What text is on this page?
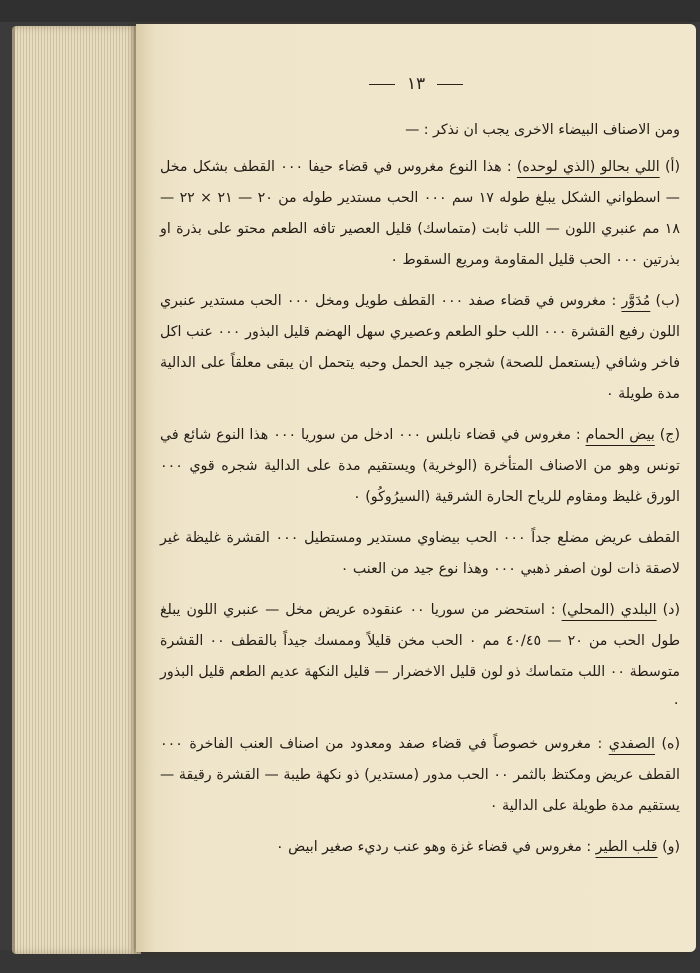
١٣

ومن الاصناف البيضاء الاخرى يجب ان نذكر : —

(أ) اللي بحالو (الذي لوحده) : هذا النوع مغروس في قضاء حيفا ٠٠٠ القطف بشكل مخل — اسطواني الشكل يبلغ طوله ١٧ سم ٠٠٠ الحب مستدير طوله من ٢٠ — ٢١ × ٢٢ — ١٨ مم عنبري اللون — اللب ثابت (متماسك) قليل العصير تافه الطعم محتو على بذرة او بذرتين ٠٠٠ الحب قليل المقاومة ومريع السقوط ٠

(ب) مُدَوَّر : مغروس في قضاء صفد ٠٠٠ القطف طويل ومخل ٠٠٠ الحب مستدير عنبري اللون رفيع القشرة ٠٠٠ اللب حلو الطعم وعصيري سهل الهضم قليل البذور ٠٠٠ عنب اكل فاخر وشافي (يستعمل للصحة) شجره جيد الحمل وحبه يتحمل ان يبقى معلقاً على الدالية مدة طويلة ٠

(ج) بيض الحمام : مغروس في قضاء نابلس ٠٠٠ ادخل من سوريا ٠٠٠ هذا النوع شائع في تونس وهو من الاصناف المتأخرة (الوخرية) ويستقيم مدة على الدالية شجره قوي ٠٠٠ الورق غليظ ومقاوم للرياح الحارة الشرقية (السيرُوكُو) ٠

القطف عريض مضلع جداً ٠٠٠ الحب بيضاوي مستدير ومستطيل ٠٠٠ القشرة غليظة غير لاصقة ذات لون اصفر ذهبي ٠٠٠ وهذا نوع جيد من العنب ٠

(د) البلدي (المحلي) : استحضر من سوريا ٠٠ عنقوده عريض مخل — عنبري اللون يبلغ طول الحب من ٢٠ — ٤٠/٤٥ مم ٠ الحب مخن قليلاً وممسك جيداً بالقطف ٠٠ القشرة متوسطة ٠٠ اللب متماسك ذو لون قليل الاخضرار — قليل النكهة عديم الطعم قليل البذور ٠

(ه) الصفدي : مغروس خصوصاً في قضاء صفد ومعدود من اصناف العنب الفاخرة ٠٠٠ القطف عريض ومكتظ بالثمر ٠٠ الحب مدور (مستدير) ذو نكهة طيبة — القشرة رقيقة — يستقيم مدة طويلة على الدالية ٠

(و) قلب الطير : مغروس في قضاء غزة وهو عنب رديء صغير ابيض ٠
